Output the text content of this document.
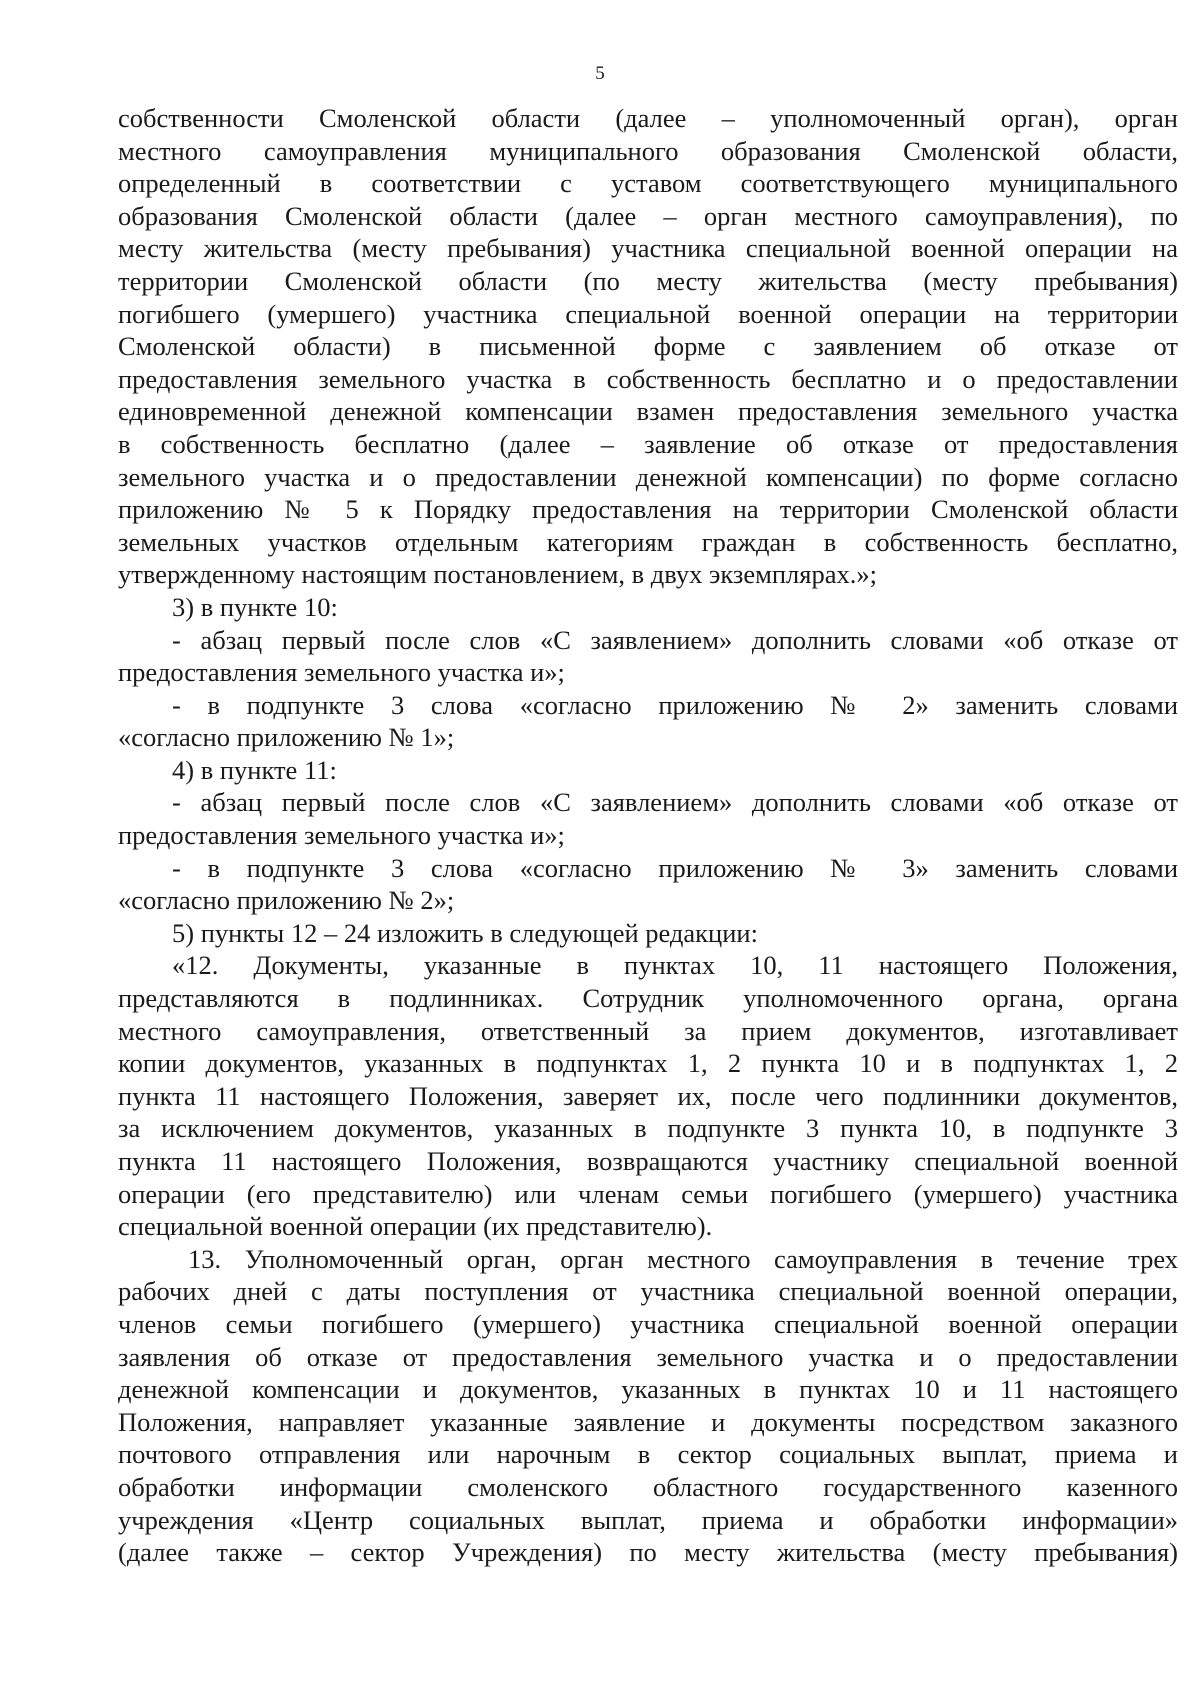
5
собственности Смоленской области (далее – уполномоченный орган), орган
местного самоуправления муниципального образования Смоленской области,
определенный в соответствии с уставом соответствующего муниципального
образования Смоленской области (далее – орган местного самоуправления), по
месту жительства (месту пребывания) участника специальной военной операции на
территории Смоленской области (по месту жительства (месту пребывания)
погибшего (умершего) участника специальной военной операции на территории
Смоленской области) в письменной форме с заявлением об отказе от
предоставления земельного участка в собственность бесплатно и о предоставлении
единовременной денежной компенсации взамен предоставления земельного участка
в собственность бесплатно (далее – заявление об отказе от предоставления
земельного участка и о предоставлении денежной компенсации) по форме согласно
приложению № 5 к Порядку предоставления на территории Смоленской области
земельных участков отдельным категориям граждан в собственность бесплатно,
утвержденному настоящим постановлением, в двух экземплярах.»;
3) в пункте 10:
- абзац первый после слов «С заявлением» дополнить словами «об отказе от
предоставления земельного участка и»;
- в подпункте 3 слова «согласно приложению № 2» заменить словами
«согласно приложению № 1»;
4) в пункте 11:
- абзац первый после слов «С заявлением» дополнить словами «об отказе от
предоставления земельного участка и»;
- в подпункте 3 слова «согласно приложению № 3» заменить словами
«согласно приложению № 2»;
5) пункты 12 – 24 изложить в следующей редакции:
«12. Документы, указанные в пунктах 10, 11 настоящего Положения,
представляются в подлинниках. Сотрудник уполномоченного органа, органа
местного самоуправления, ответственный за прием документов, изготавливает
копии документов, указанных в подпунктах 1, 2 пункта 10 и в подпунктах 1, 2
пункта 11 настоящего Положения, заверяет их, после чего подлинники документов,
за исключением документов, указанных в подпункте 3 пункта 10, в подпункте 3
пункта 11 настоящего Положения, возвращаются участнику специальной военной
операции (его представителю) или членам семьи погибшего (умершего) участника
специальной военной операции (их представителю).
13. Уполномоченный орган, орган местного самоуправления в течение трех
рабочих дней с даты поступления от участника специальной военной операции,
членов семьи погибшего (умершего) участника специальной военной операции
заявления об отказе от предоставления земельного участка и о предоставлении
денежной компенсации и документов, указанных в пунктах 10 и 11 настоящего
Положения, направляет указанные заявление и документы посредством заказного
почтового отправления или нарочным в сектор социальных выплат, приема и
обработки информации смоленского областного государственного казенного
учреждения «Центр социальных выплат, приема и обработки информации»
(далее также – сектор Учреждения) по месту жительства (месту пребывания)
